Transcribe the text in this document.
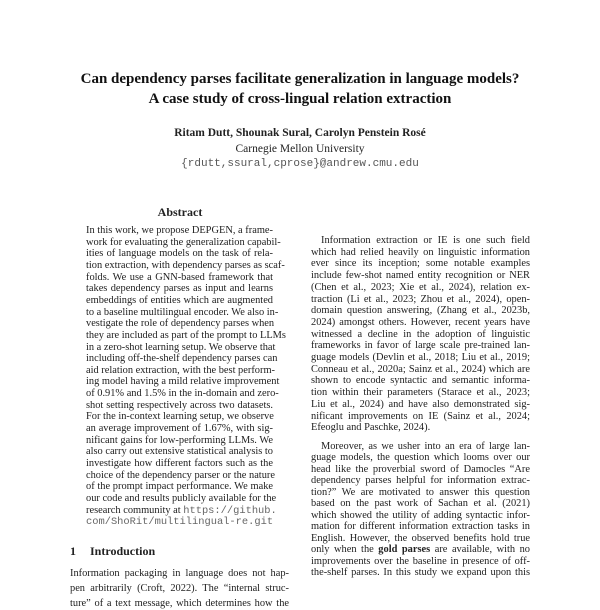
Can dependency parses facilitate generalization in language models?
A case study of cross-lingual relation extraction
Ritam Dutt, Shounak Sural, Carolyn Penstein Rosé
Carnegie Mellon University
{rdutt,ssural,cprose}@andrew.cmu.edu
Abstract
1 Introduction
In this work, we propose DEPGEN, a frame-
work for evaluating the generalization capabil-
ities of language models on the task of rela-
tion extraction, with dependency parses as scaf-
folds. We use a GNN-based framework that
takes dependency parses as input and learns
embeddings of entities which are augmented
to a baseline multilingual encoder. We also in-
vestigate the role of dependency parses when
they are included as part of the prompt to LLMs
in a zero-shot learning setup. We observe that
including off-the-shelf dependency parses can
aid relation extraction, with the best perform-
ing model having a mild relative improvement
of 0.91% and 1.5% in the in-domain and zero-
shot setting respectively across two datasets.
For the in-context learning setup, we observe
an average improvement of 1.67%, with sig-
nificant gains for low-performing LLMs. We
also carry out extensive statistical analysis to
investigate how different factors such as the
choice of the dependency parser or the nature
of the prompt impact performance. We make
our code and results publicly available for the
research community at https://github.
com/ShoRit/multilingual-re.git
Information packaging in language does not hap-
pen arbitrarily (Croft, 2022). The “internal struc-
ture” of a text message, which determines how the
Information extraction or IE is one such field
which had relied heavily on linguistic information
ever since its inception; some notable examples
include few-shot named entity recognition or NER
(Chen et al., 2023; Xie et al., 2024), relation ex-
traction (Li et al., 2023; Zhou et al., 2024), open-
domain question answering, (Zhang et al., 2023b,
2024) amongst others. However, recent years have
witnessed a decline in the adoption of linguistic
frameworks in favor of large scale pre-trained lan-
guage models (Devlin et al., 2018; Liu et al., 2019;
Conneau et al., 2020a; Sainz et al., 2024) which are
shown to encode syntactic and semantic informa-
tion within their parameters (Starace et al., 2023;
Liu et al., 2024) and have also demonstrated sig-
nificant improvements on IE (Sainz et al., 2024;
Efeoglu and Paschke, 2024).
Moreover, as we usher into an era of large lan-
guage models, the question which looms over our
head like the proverbial sword of Damocles “Are
dependency parses helpful for information extrac-
tion?” We are motivated to answer this question
based on the past work of Sachan et al. (2021)
which showed the utility of adding syntactic infor-
mation for different information extraction tasks in
English. However, the observed benefits hold true
only when the gold parses are available, with no
improvements over the baseline in presence of off-
the-shelf parses. In this study we expand upon this
